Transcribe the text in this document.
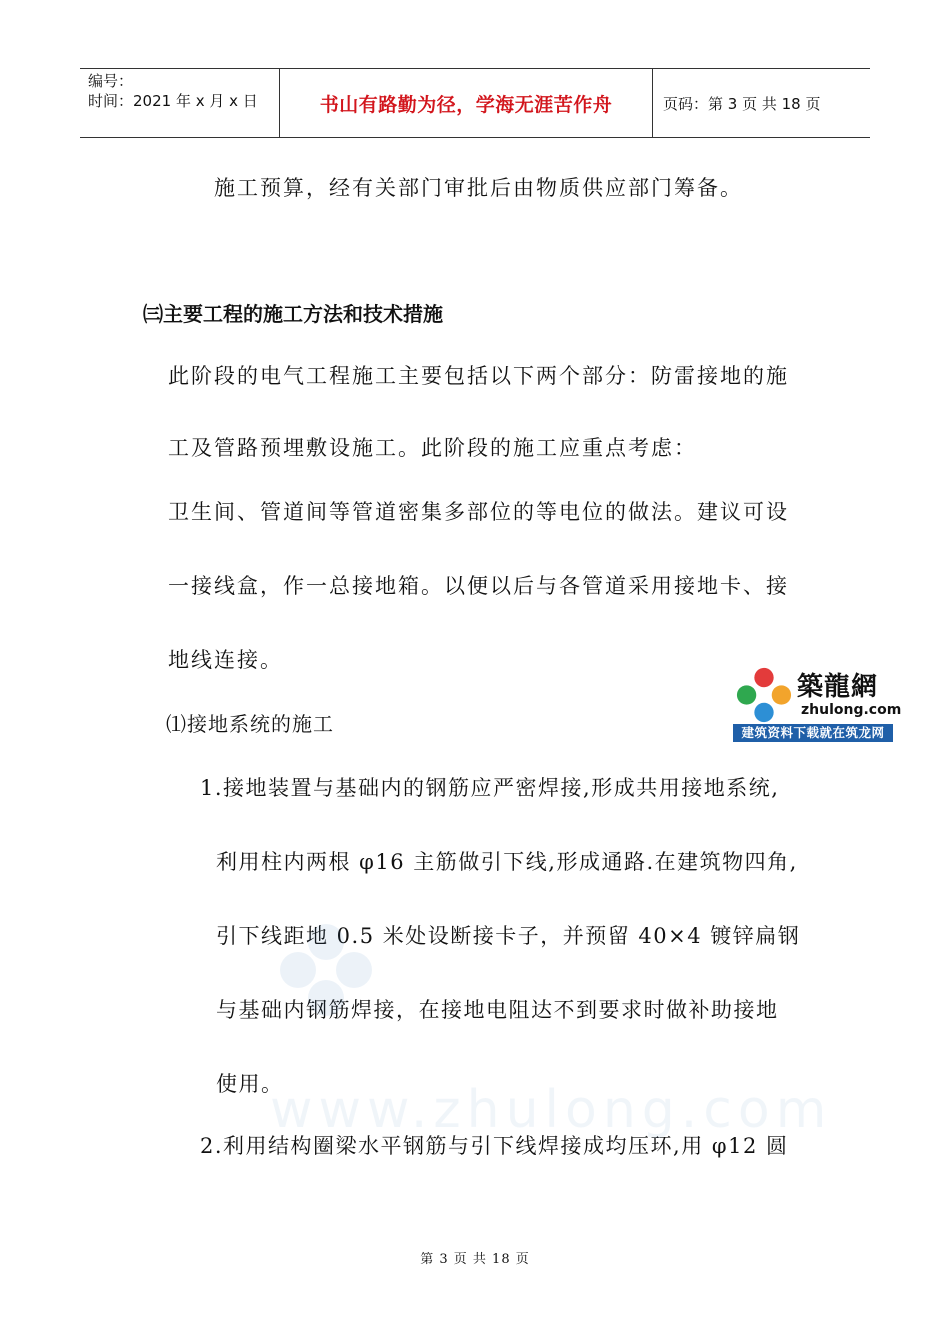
编号：
时间：2021 年 x 月 x 日	书山有路勤为径，学海无涯苦作舟	页码：第 3 页 共 18 页
施工预算，经有关部门审批后由物质供应部门筹备。
㈢主要工程的施工方法和技术措施
此阶段的电气工程施工主要包括以下两个部分：防雷接地的施
工及管路预埋敷设施工。此阶段的施工应重点考虑：
卫生间、管道间等管道密集多部位的等电位的做法。建议可设
一接线盒，作一总接地箱。以便以后与各管道采用接地卡、接
地线连接。
⑴接地系统的施工
1.接地装置与基础内的钢筋应严密焊接,形成共用接地系统,
利用柱内两根 φ16 主筋做引下线,形成通路.在建筑物四角,
引下线距地 0.5 米处设断接卡子，并预留 40×4 镀锌扁钢
与基础内钢筋焊接，在接地电阻达不到要求时做补助接地
使用。
2.利用结构圈梁水平钢筋与引下线焊接成均压环,用 φ12 圆
築龍網
zhulong.com
建筑资料下载就在筑龙网
www.zhulong.com
第 3 页 共 18 页
